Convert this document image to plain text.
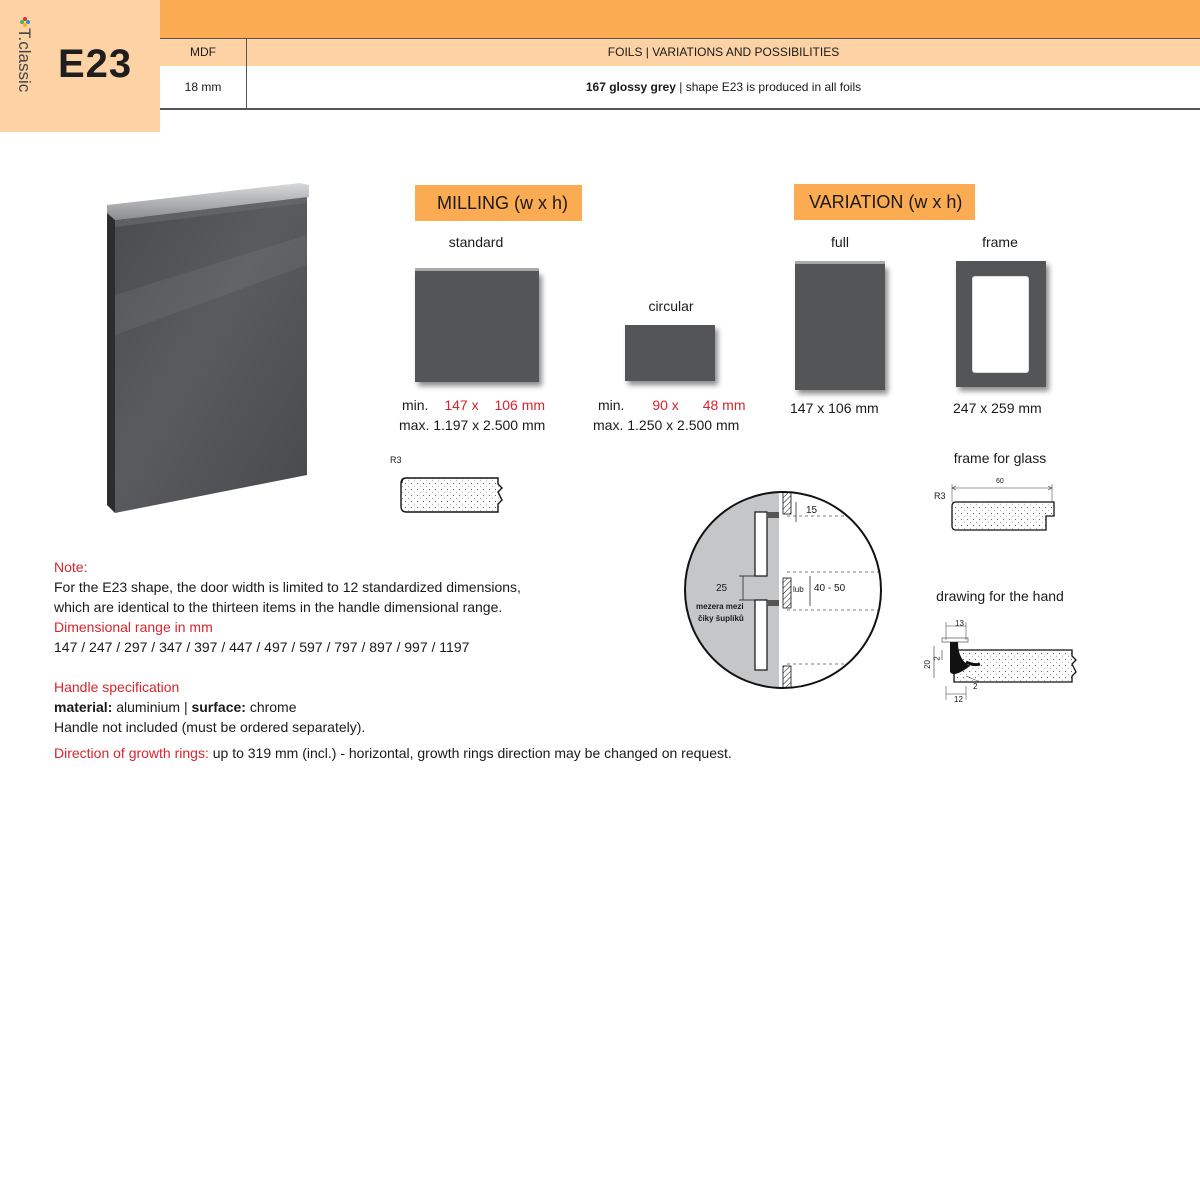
T.classic E23	MDF	FOILS | VARIATIONS AND POSSIBILITIES
18 mm	167 glossy grey | shape E23 is produced in all foils
MILLING (w x h)
standard
min. 147 x 106 mm
max. 1.197 x 2.500 mm
circular
min. 90 x 48 mm
max. 1.250 x 2.500 mm
R3
VARIATION (w x h)
full
147 x 106 mm
frame
247 x 259 mm
frame for glass
R3
60
drawing for the hand
13
20
2
2
12
15
25	lub 40 - 50
mezera mezi
čiky šuplíků
Note:
For the E23 shape, the door width is limited to 12 standardized dimensions,
which are identical to the thirteen items in the handle dimensional range.
Dimensional range in mm
147 / 247 / 297 / 347 / 397 / 447 / 497 / 597 / 797 / 897 / 997 / 1197
Handle specification
material: aluminium | surface: chrome
Handle not included (must be ordered separately).
Direction of growth rings: up to 319 mm (incl.) - horizontal, growth rings direction may be changed on request.
